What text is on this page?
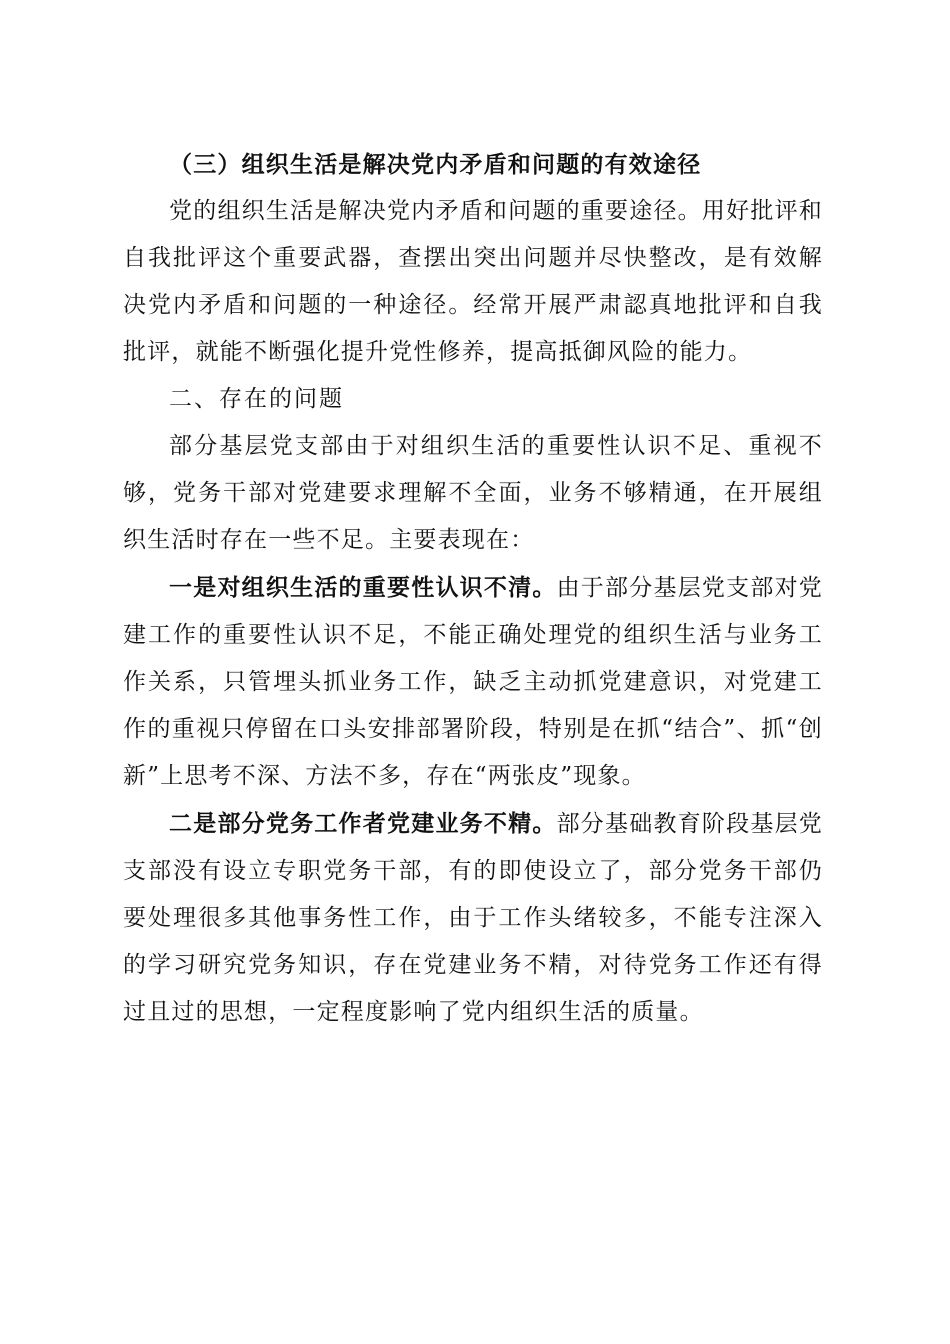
（三）组织生活是解决党内矛盾和问题的有效途径

党的组织生活是解决党内矛盾和问题的重要途径。用好批评和自我批评这个重要武器，查摆出突出问题并尽快整改，是有效解决党内矛盾和问题的一种途径。经常开展严肃認真地批评和自我批评，就能不断强化提升党性修养，提高抵御风险的能力。

二、存在的问题

部分基层党支部由于对组织生活的重要性认识不足、重视不够，党务干部对党建要求理解不全面，业务不够精通，在开展组织生活时存在一些不足。主要表现在：

一是对组织生活的重要性认识不清。由于部分基层党支部对党建工作的重要性认识不足，不能正确处理党的组织生活与业务工作关系，只管埋头抓业务工作，缺乏主动抓党建意识，对党建工作的重视只停留在口头安排部署阶段，特别是在抓“结合”、抓“创新”上思考不深、方法不多，存在“两张皮”现象。

二是部分党务工作者党建业务不精。部分基础教育阶段基层党支部没有设立专职党务干部，有的即使设立了，部分党务干部仍要处理很多其他事务性工作，由于工作头绪较多，不能专注深入的学习研究党务知识，存在党建业务不精，对待党务工作还有得过且过的思想，一定程度影响了党内组织生活的质量。
